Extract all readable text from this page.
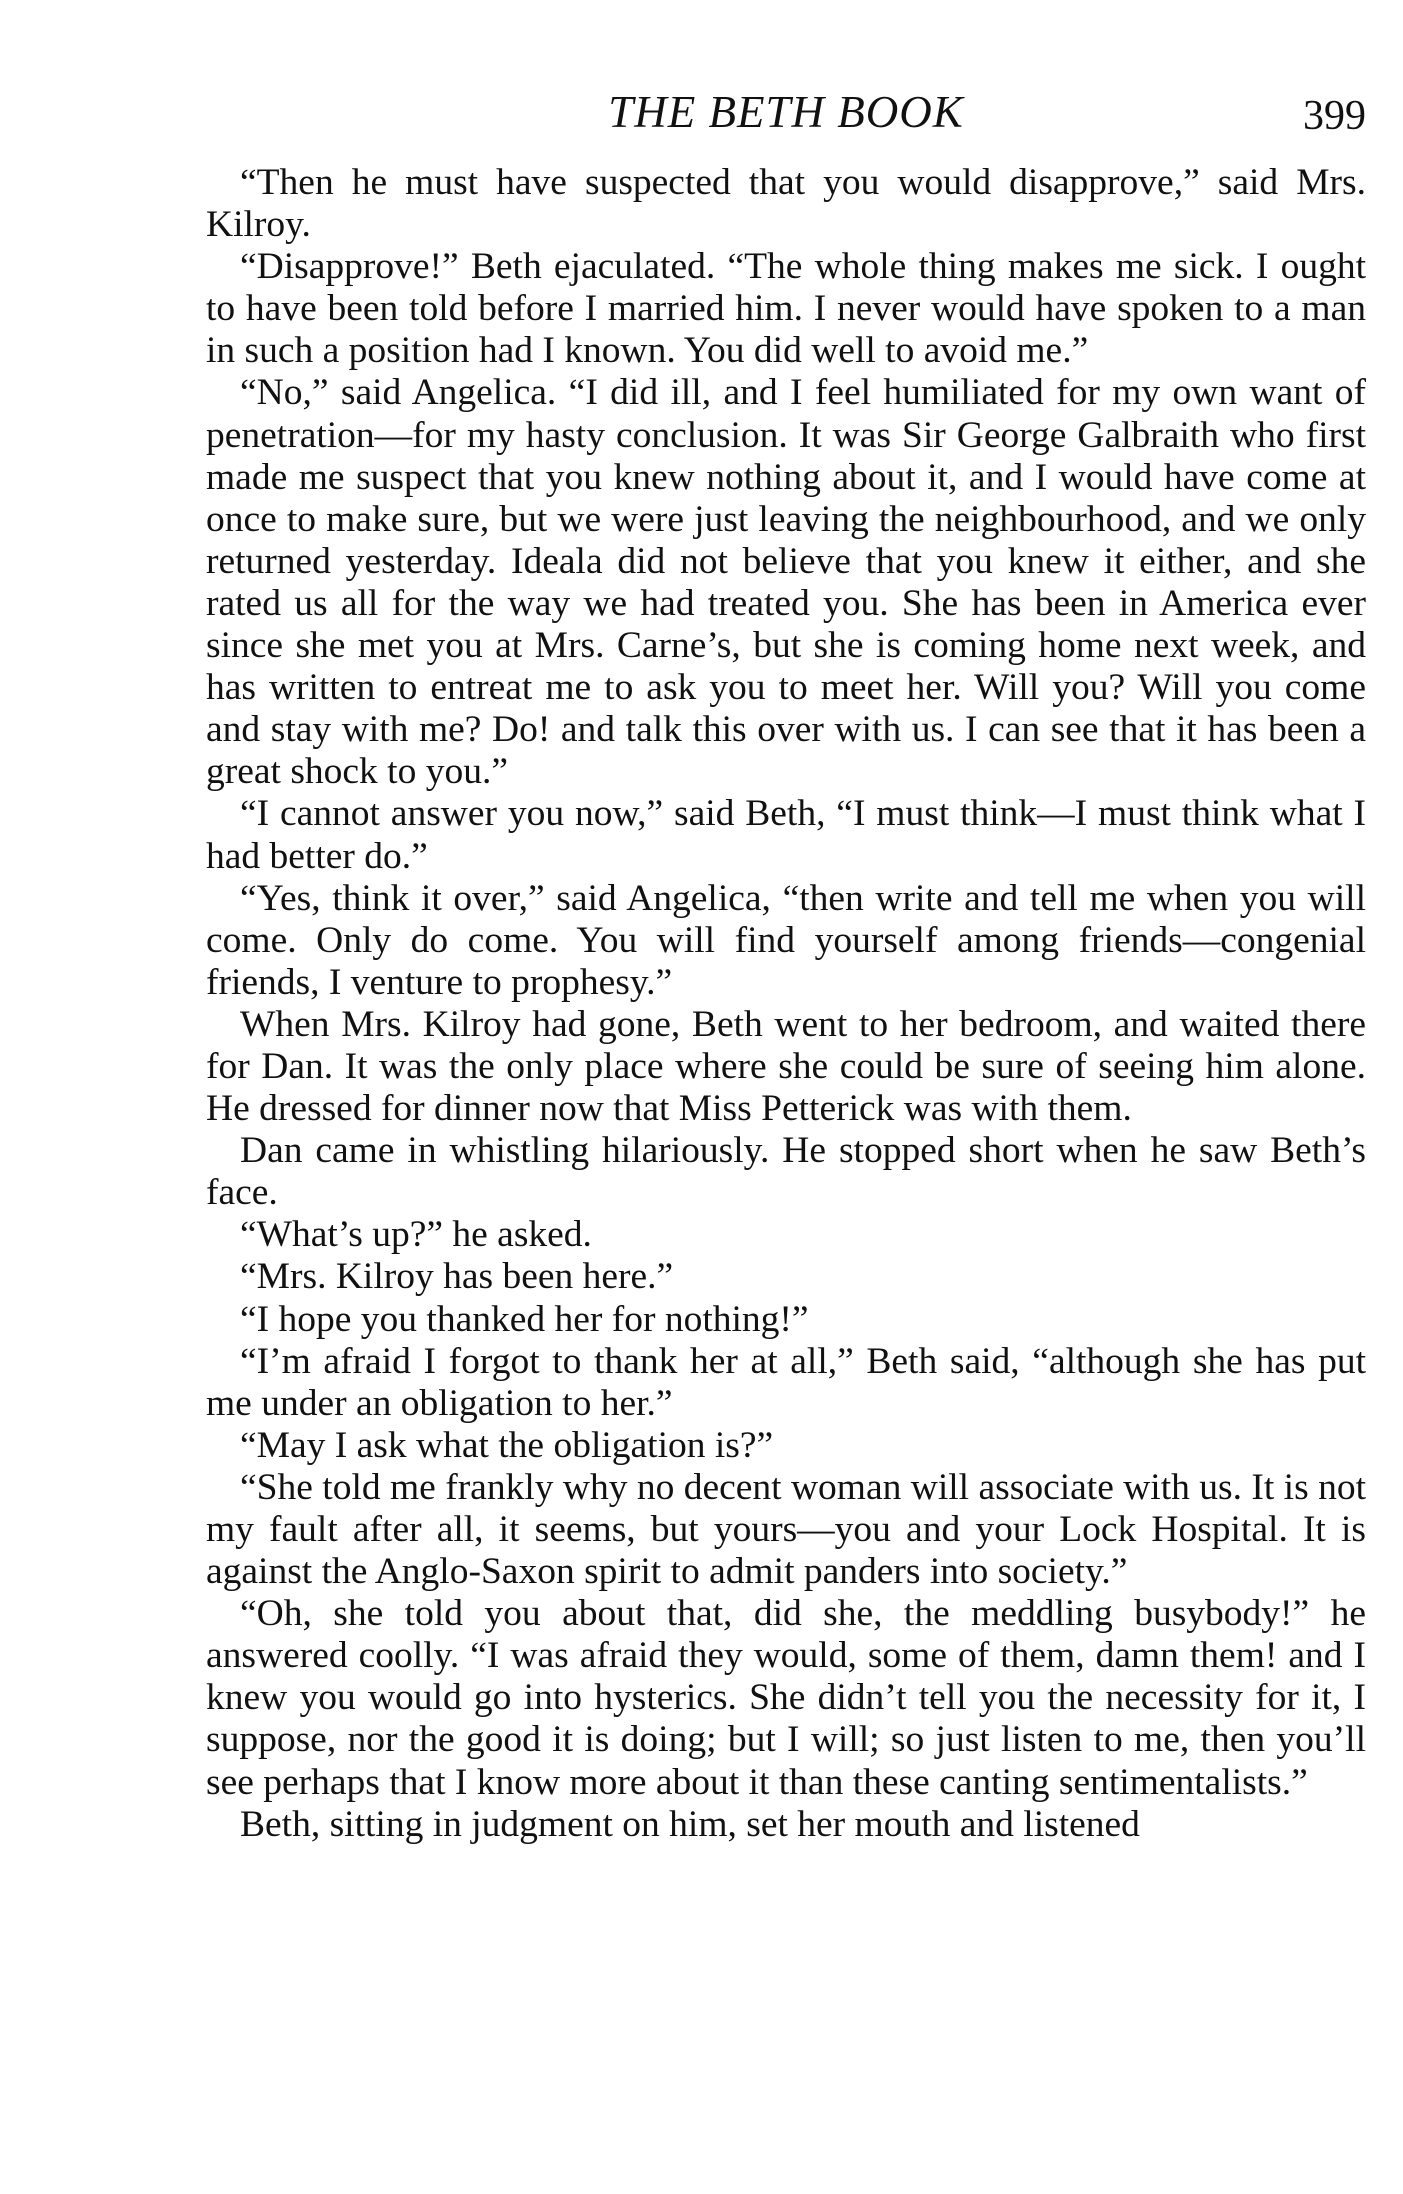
THE BETH BOOK	399

“Then he must have suspected that you would disapprove,” said Mrs. Kilroy.

“Disapprove!” Beth ejaculated. “The whole thing makes me sick. I ought to have been told before I married him. I never would have spoken to a man in such a position had I known. You did well to avoid me.”

“No,” said Angelica. “I did ill, and I feel humiliated for my own want of penetration—for my hasty conclusion. It was Sir George Galbraith who first made me suspect that you knew nothing about it, and I would have come at once to make sure, but we were just leaving the neighbourhood, and we only returned yesterday. Ideala did not believe that you knew it either, and she rated us all for the way we had treated you. She has been in America ever since she met you at Mrs. Carne’s, but she is coming home next week, and has written to entreat me to ask you to meet her. Will you? Will you come and stay with me? Do! and talk this over with us. I can see that it has been a great shock to you.”

“I cannot answer you now,” said Beth, “I must think—I must think what I had better do.”

“Yes, think it over,” said Angelica, “then write and tell me when you will come. Only do come. You will find yourself among friends—congenial friends, I venture to prophesy.”

When Mrs. Kilroy had gone, Beth went to her bedroom, and waited there for Dan. It was the only place where she could be sure of seeing him alone. He dressed for dinner now that Miss Petterick was with them.

Dan came in whistling hilariously. He stopped short when he saw Beth’s face.

“What’s up?” he asked.

“Mrs. Kilroy has been here.”

“I hope you thanked her for nothing!”

“I’m afraid I forgot to thank her at all,” Beth said, “although she has put me under an obligation to her.”

“May I ask what the obligation is?”

“She told me frankly why no decent woman will associate with us. It is not my fault after all, it seems, but yours—you and your Lock Hospital. It is against the Anglo-Saxon spirit to admit panders into society.”

“Oh, she told you about that, did she, the meddling busybody!” he answered coolly. “I was afraid they would, some of them, damn them! and I knew you would go into hysterics. She didn’t tell you the necessity for it, I suppose, nor the good it is doing; but I will; so just listen to me, then you’ll see perhaps that I know more about it than these canting sentimentalists.”

Beth, sitting in judgment on him, set her mouth and listened
